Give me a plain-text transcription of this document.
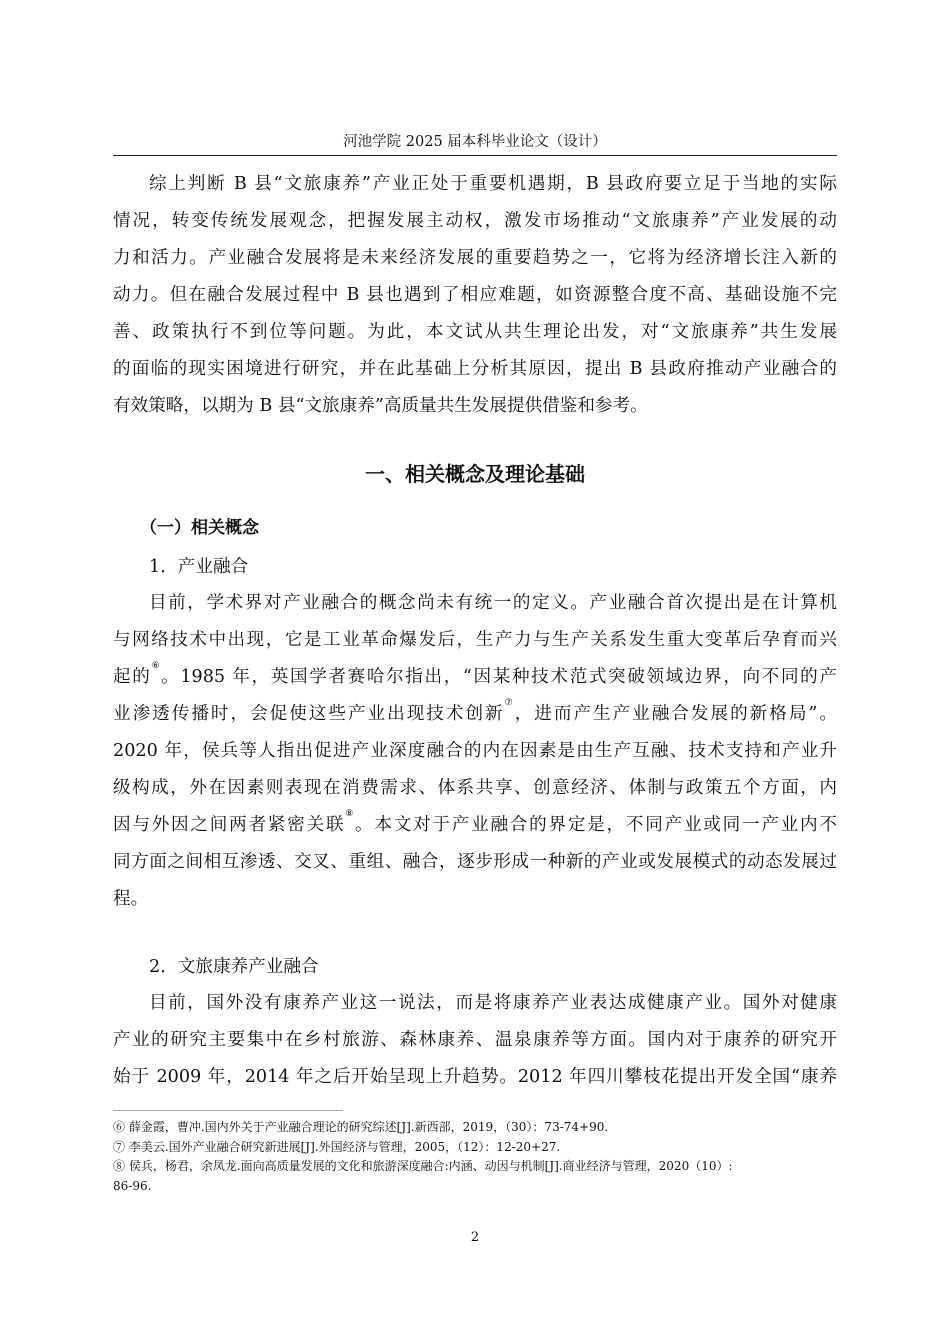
河池学院 2025 届本科毕业论文（设计）
综上判断 B 县“文旅康养”产业正处于重要机遇期，B 县政府要立足于当地的实际
情况，转变传统发展观念，把握发展主动权，激发市场推动“文旅康养”产业发展的动
力和活力。产业融合发展将是未来经济发展的重要趋势之一，它将为经济增长注入新的
动力。但在融合发展过程中 B 县也遇到了相应难题，如资源整合度不高、基础设施不完
善、政策执行不到位等问题。为此，本文试从共生理论出发，对“文旅康养”共生发展
的面临的现实困境进行研究，并在此基础上分析其原因，提出 B 县政府推动产业融合的
有效策略，以期为 B 县“文旅康养”高质量共生发展提供借鉴和参考。
一、相关概念及理论基础
（一）相关概念
1．产业融合
目前，学术界对产业融合的概念尚未有统一的定义。产业融合首次提出是在计算机
与网络技术中出现，它是工业革命爆发后，生产力与生产关系发生重大变革后孕育而兴
起的⑥。1985 年，英国学者赛哈尔指出，“因某种技术范式突破领域边界，向不同的产
业渗透传播时，会促使这些产业出现技术创新⑦，进而产生产业融合发展的新格局”。
2020 年，侯兵等人指出促进产业深度融合的内在因素是由生产互融、技术支持和产业升
级构成，外在因素则表现在消费需求、体系共享、创意经济、体制与政策五个方面，内
因与外因之间两者紧密关联⑧。本文对于产业融合的界定是，不同产业或同一产业内不
同方面之间相互渗透、交叉、重组、融合，逐步形成一种新的产业或发展模式的动态发展过
程。
2．文旅康养产业融合
目前，国外没有康养产业这一说法，而是将康养产业表达成健康产业。国外对健康
产业的研究主要集中在乡村旅游、森林康养、温泉康养等方面。国内对于康养的研究开
始于 2009 年，2014 年之后开始呈现上升趋势。2012 年四川攀枝花提出开发全国“康养
⑥ 薛金霞，曹冲.国内外关于产业融合理论的研究综述[J].新西部，2019，（30）：73-74+90.
⑦ 李美云.国外产业融合研究新进展[J].外国经济与管理，2005，（12）：12-20+27.
⑧ 侯兵，杨君，余凤龙.面向高质量发展的文化和旅游深度融合:内涵、动因与机制[J].商业经济与管理，2020（10）:
86-96.
2
